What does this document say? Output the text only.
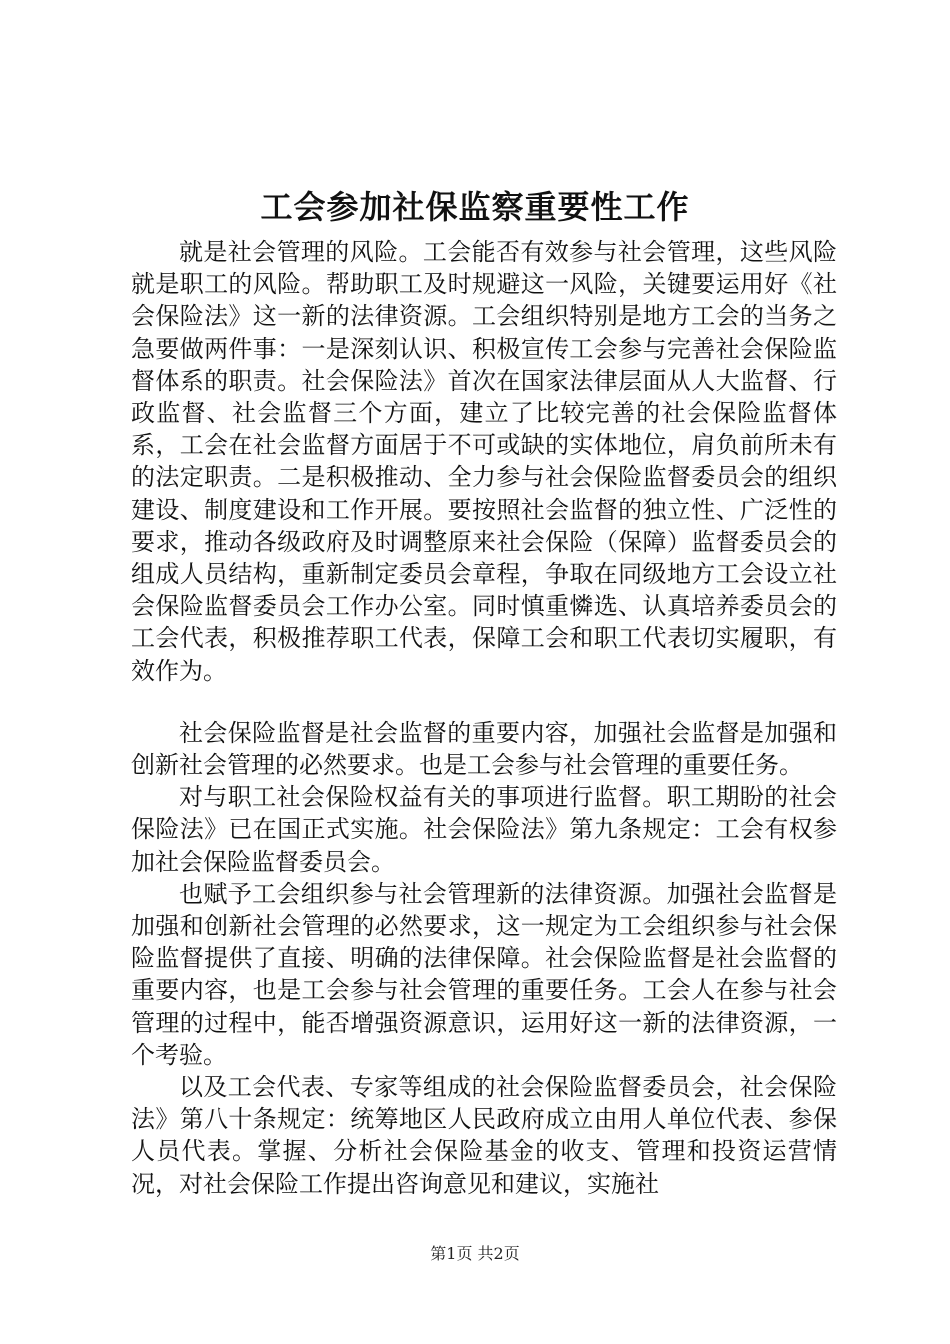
工会参加社保监察重要性工作

就是社会管理的风险。工会能否有效参与社会管理，这些风险就是职工的风险。帮助职工及时规避这一风险，关键要运用好《社会保险法》这一新的法律资源。工会组织特别是地方工会的当务之急要做两件事：一是深刻认识、积极宣传工会参与完善社会保险监督体系的职责。社会保险法》首次在国家法律层面从人大监督、行政监督、社会监督三个方面，建立了比较完善的社会保险监督体系，工会在社会监督方面居于不可或缺的实体地位，肩负前所未有的法定职责。二是积极推动、全力参与社会保险监督委员会的组织建设、制度建设和工作开展。要按照社会监督的独立性、广泛性的要求，推动各级政府及时调整原来社会保险（保障）监督委员会的组成人员结构，重新制定委员会章程，争取在同级地方工会设立社会保险监督委员会工作办公室。同时慎重憐选、认真培养委员会的工会代表，积极推荐职工代表，保障工会和职工代表切实履职，有效作为。

社会保险监督是社会监督的重要内容，加强社会监督是加强和创新社会管理的必然要求。也是工会参与社会管理的重要任务。

对与职工社会保险权益有关的事项进行监督。职工期盼的社会保险法》已在国正式实施。社会保险法》第九条规定：工会有权参加社会保险监督委员会。

也赋予工会组织参与社会管理新的法律资源。加强社会监督是加强和创新社会管理的必然要求，这一规定为工会组织参与社会保险监督提供了直接、明确的法律保障。社会保险监督是社会监督的重要内容，也是工会参与社会管理的重要任务。工会人在参与社会管理的过程中，能否增强资源意识，运用好这一新的法律资源，一个考验。

以及工会代表、专家等组成的社会保险监督委员会，社会保险法》第八十条规定：统筹地区人民政府成立由用人单位代表、参保人员代表。掌握、分析社会保险基金的收支、管理和投资运营情况，对社会保险工作提出咨询意见和建议，实施社

第1页 共2页
